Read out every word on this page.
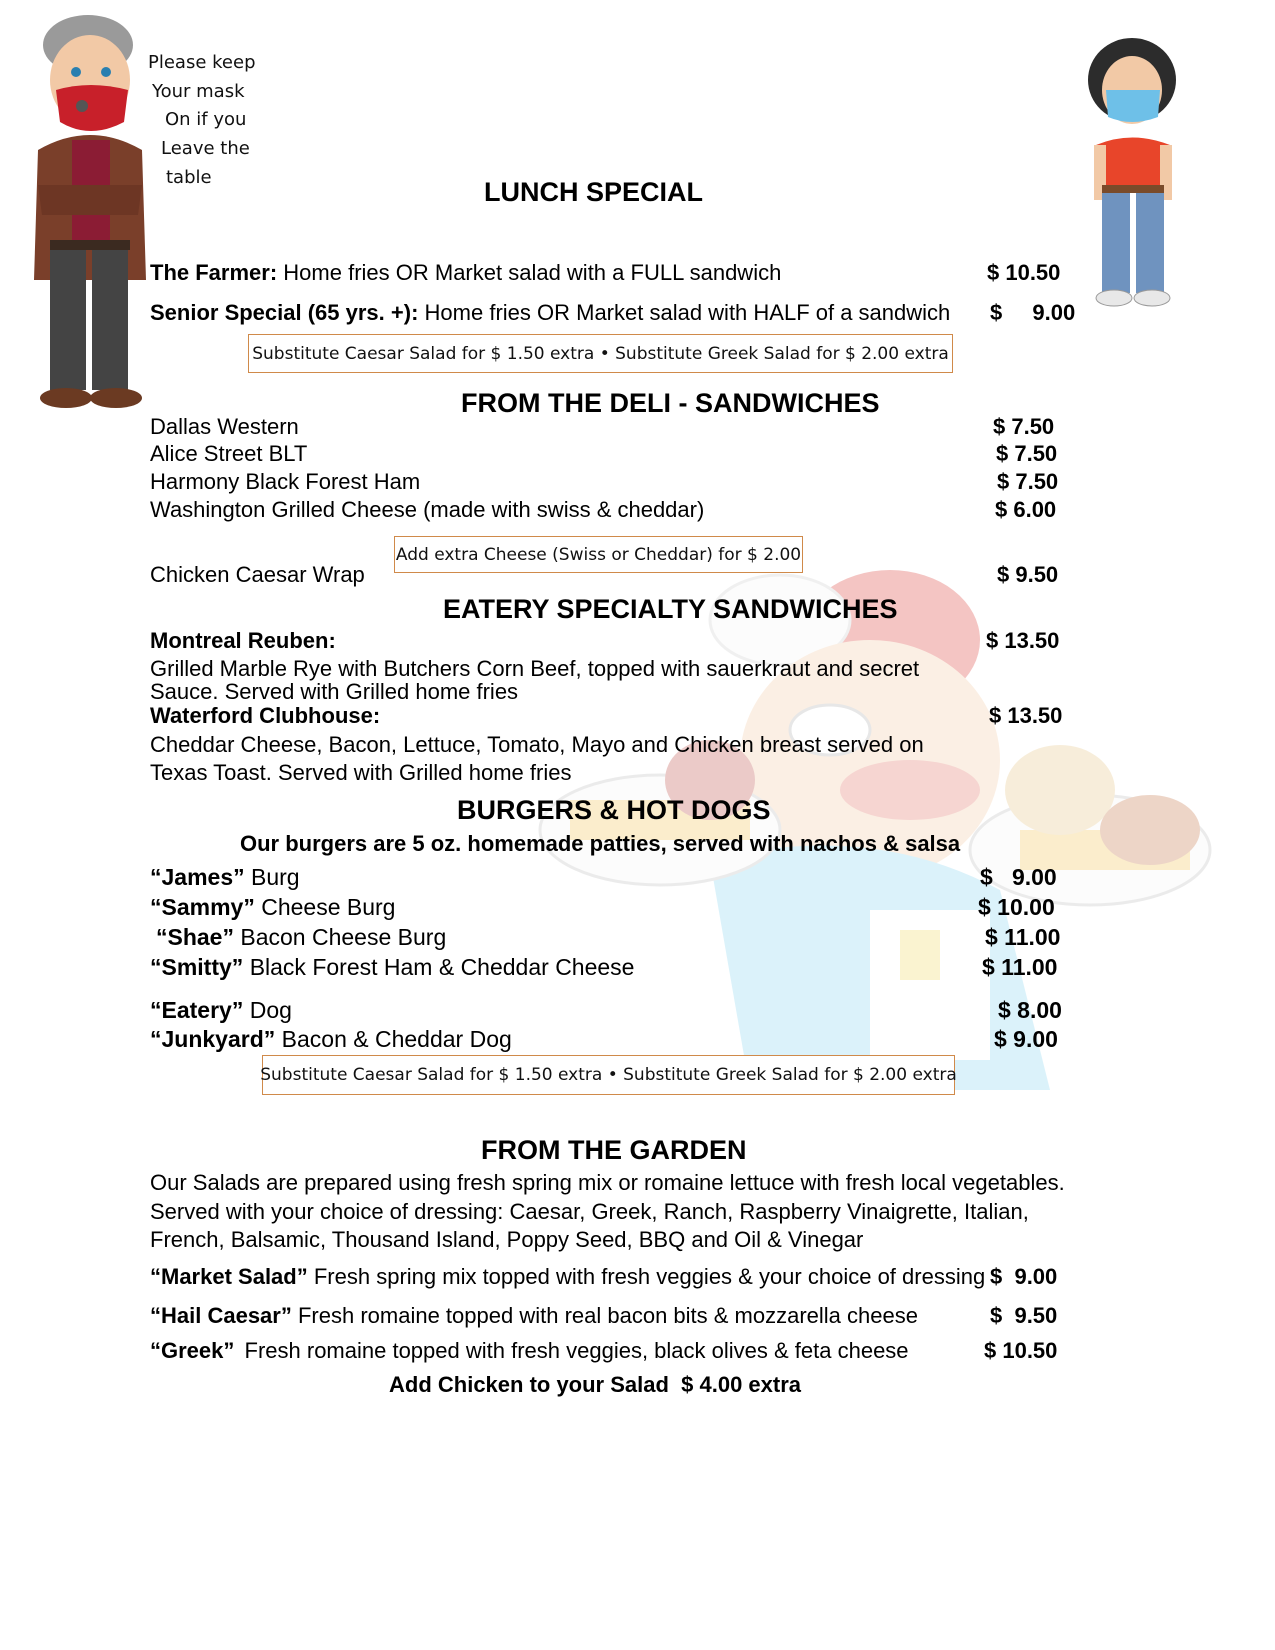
Please keep
Your mask
On if you
Leave the
table	LUNCH SPECIAL
The Farmer: Home fries OR Market salad with a FULL sandwich	$ 10.50
Senior Special (65 yrs. +): Home fries OR Market salad with HALF of a sandwich $ 9.00
Substitute Caesar Salad for $ 1.50 extra • Substitute Greek Salad for $ 2.00 extra
FROM THE DELI - SANDWICHES
Dallas Western	$ 7.50
Alice Street BLT	$ 7.50
Harmony Black Forest Ham	$ 7.50
Washington Grilled Cheese (made with swiss & cheddar)	$ 6.00
Add extra Cheese (Swiss or Cheddar) for $ 2.00
Chicken Caesar Wrap	$ 9.50
EATERY SPECIALTY SANDWICHES
Montreal Reuben:	$ 13.50
Grilled Marble Rye with Butchers Corn Beef, topped with sauerkraut and secret
Sauce. Served with Grilled home fries
Waterford Clubhouse:	$ 13.50
Cheddar Cheese, Bacon, Lettuce, Tomato, Mayo and Chicken breast served on
Texas Toast. Served with Grilled home fries
BURGERS & HOT DOGS
Our burgers are 5 oz. homemade patties, served with nachos & salsa
“James” Burg	$   9.00
“Sammy” Cheese Burg	$ 10.00
“Shae” Bacon Cheese Burg	$ 11.00
“Smitty” Black Forest Ham & Cheddar Cheese	$ 11.00
“Eatery” Dog	$ 8.00
“Junkyard” Bacon & Cheddar Dog	$ 9.00
Substitute Caesar Salad for $ 1.50 extra • Substitute Greek Salad for $ 2.00 extra
FROM THE GARDEN
Our Salads are prepared using fresh spring mix or romaine lettuce with fresh local vegetables.
Served with your choice of dressing: Caesar, Greek, Ranch, Raspberry Vinaigrette, Italian,
French, Balsamic, Thousand Island, Poppy Seed, BBQ and Oil & Vinegar
“Market Salad” Fresh spring mix topped with fresh veggies & your choice of dressing $  9.00
“Hail Caesar” Fresh romaine topped with real bacon bits & mozzarella cheese	$  9.50
“Greek” Fresh romaine topped with fresh veggies, black olives & feta cheese	$ 10.50
Add Chicken to your Salad  $ 4.00 extra
